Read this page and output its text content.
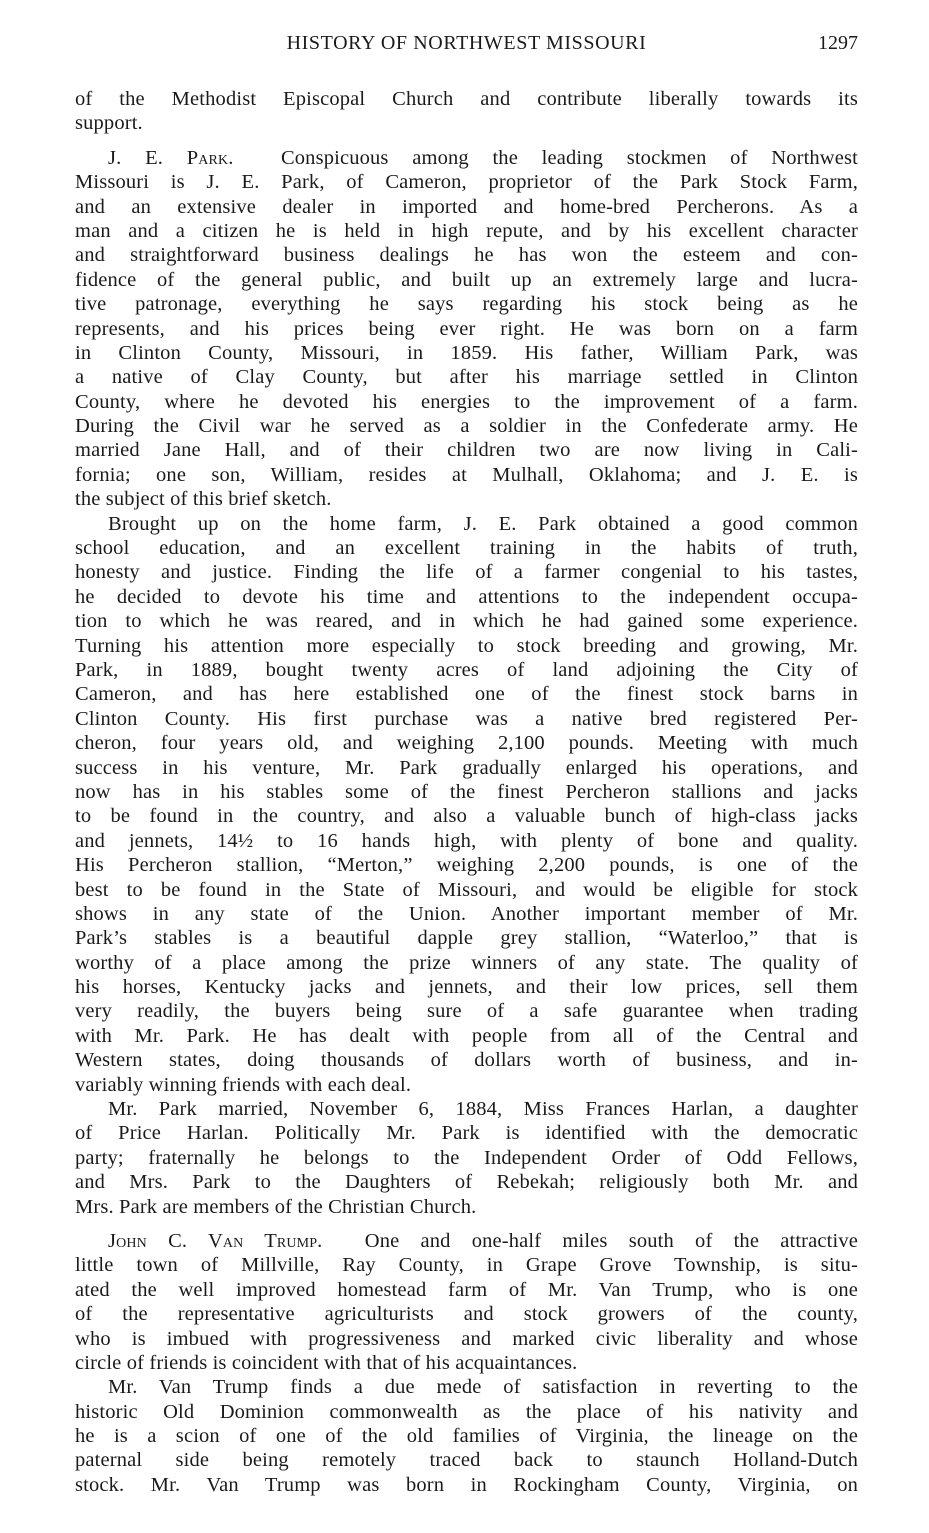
HISTORY OF NORTHWEST MISSOURI	1297
of the Methodist Episcopal Church and contribute liberally towards its
support.
J. E. Park.  Conspicuous among the leading stockmen of Northwest
Missouri is J. E. Park, of Cameron, proprietor of the Park Stock Farm,
and an extensive dealer in imported and home-bred Percherons. As a
man and a citizen he is held in high repute, and by his excellent character
and straightforward business dealings he has won the esteem and con-
fidence of the general public, and built up an extremely large and lucra-
tive patronage, everything he says regarding his stock being as he
represents, and his prices being ever right. He was born on a farm
in Clinton County, Missouri, in 1859. His father, William Park, was
a native of Clay County, but after his marriage settled in Clinton
County, where he devoted his energies to the improvement of a farm.
During the Civil war he served as a soldier in the Confederate army. He
married Jane Hall, and of their children two are now living in Cali-
fornia; one son, William, resides at Mulhall, Oklahoma; and J. E. is
the subject of this brief sketch.
Brought up on the home farm, J. E. Park obtained a good common
school education, and an excellent training in the habits of truth,
honesty and justice. Finding the life of a farmer congenial to his tastes,
he decided to devote his time and attentions to the independent occupa-
tion to which he was reared, and in which he had gained some experience.
Turning his attention more especially to stock breeding and growing, Mr.
Park, in 1889, bought twenty acres of land adjoining the City of
Cameron, and has here established one of the finest stock barns in
Clinton County. His first purchase was a native bred registered Per-
cheron, four years old, and weighing 2,100 pounds. Meeting with much
success in his venture, Mr. Park gradually enlarged his operations, and
now has in his stables some of the finest Percheron stallions and jacks
to be found in the country, and also a valuable bunch of high-class jacks
and jennets, 14½ to 16 hands high, with plenty of bone and quality.
His Percheron stallion, “Merton,” weighing 2,200 pounds, is one of the
best to be found in the State of Missouri, and would be eligible for stock
shows in any state of the Union. Another important member of Mr.
Park’s stables is a beautiful dapple grey stallion, “Waterloo,” that is
worthy of a place among the prize winners of any state. The quality of
his horses, Kentucky jacks and jennets, and their low prices, sell them
very readily, the buyers being sure of a safe guarantee when trading
with Mr. Park. He has dealt with people from all of the Central and
Western states, doing thousands of dollars worth of business, and in-
variably winning friends with each deal.
Mr. Park married, November 6, 1884, Miss Frances Harlan, a daughter
of Price Harlan. Politically Mr. Park is identified with the democratic
party; fraternally he belongs to the Independent Order of Odd Fellows,
and Mrs. Park to the Daughters of Rebekah; religiously both Mr. and
Mrs. Park are members of the Christian Church.
John C. Van Trump.  One and one-half miles south of the attractive
little town of Millville, Ray County, in Grape Grove Township, is situ-
ated the well improved homestead farm of Mr. Van Trump, who is one
of the representative agriculturists and stock growers of the county,
who is imbued with progressiveness and marked civic liberality and whose
circle of friends is coincident with that of his acquaintances.
Mr. Van Trump finds a due mede of satisfaction in reverting to the
historic Old Dominion commonwealth as the place of his nativity and
he is a scion of one of the old families of Virginia, the lineage on the
paternal side being remotely traced back to staunch Holland-Dutch
stock. Mr. Van Trump was born in Rockingham County, Virginia, on
